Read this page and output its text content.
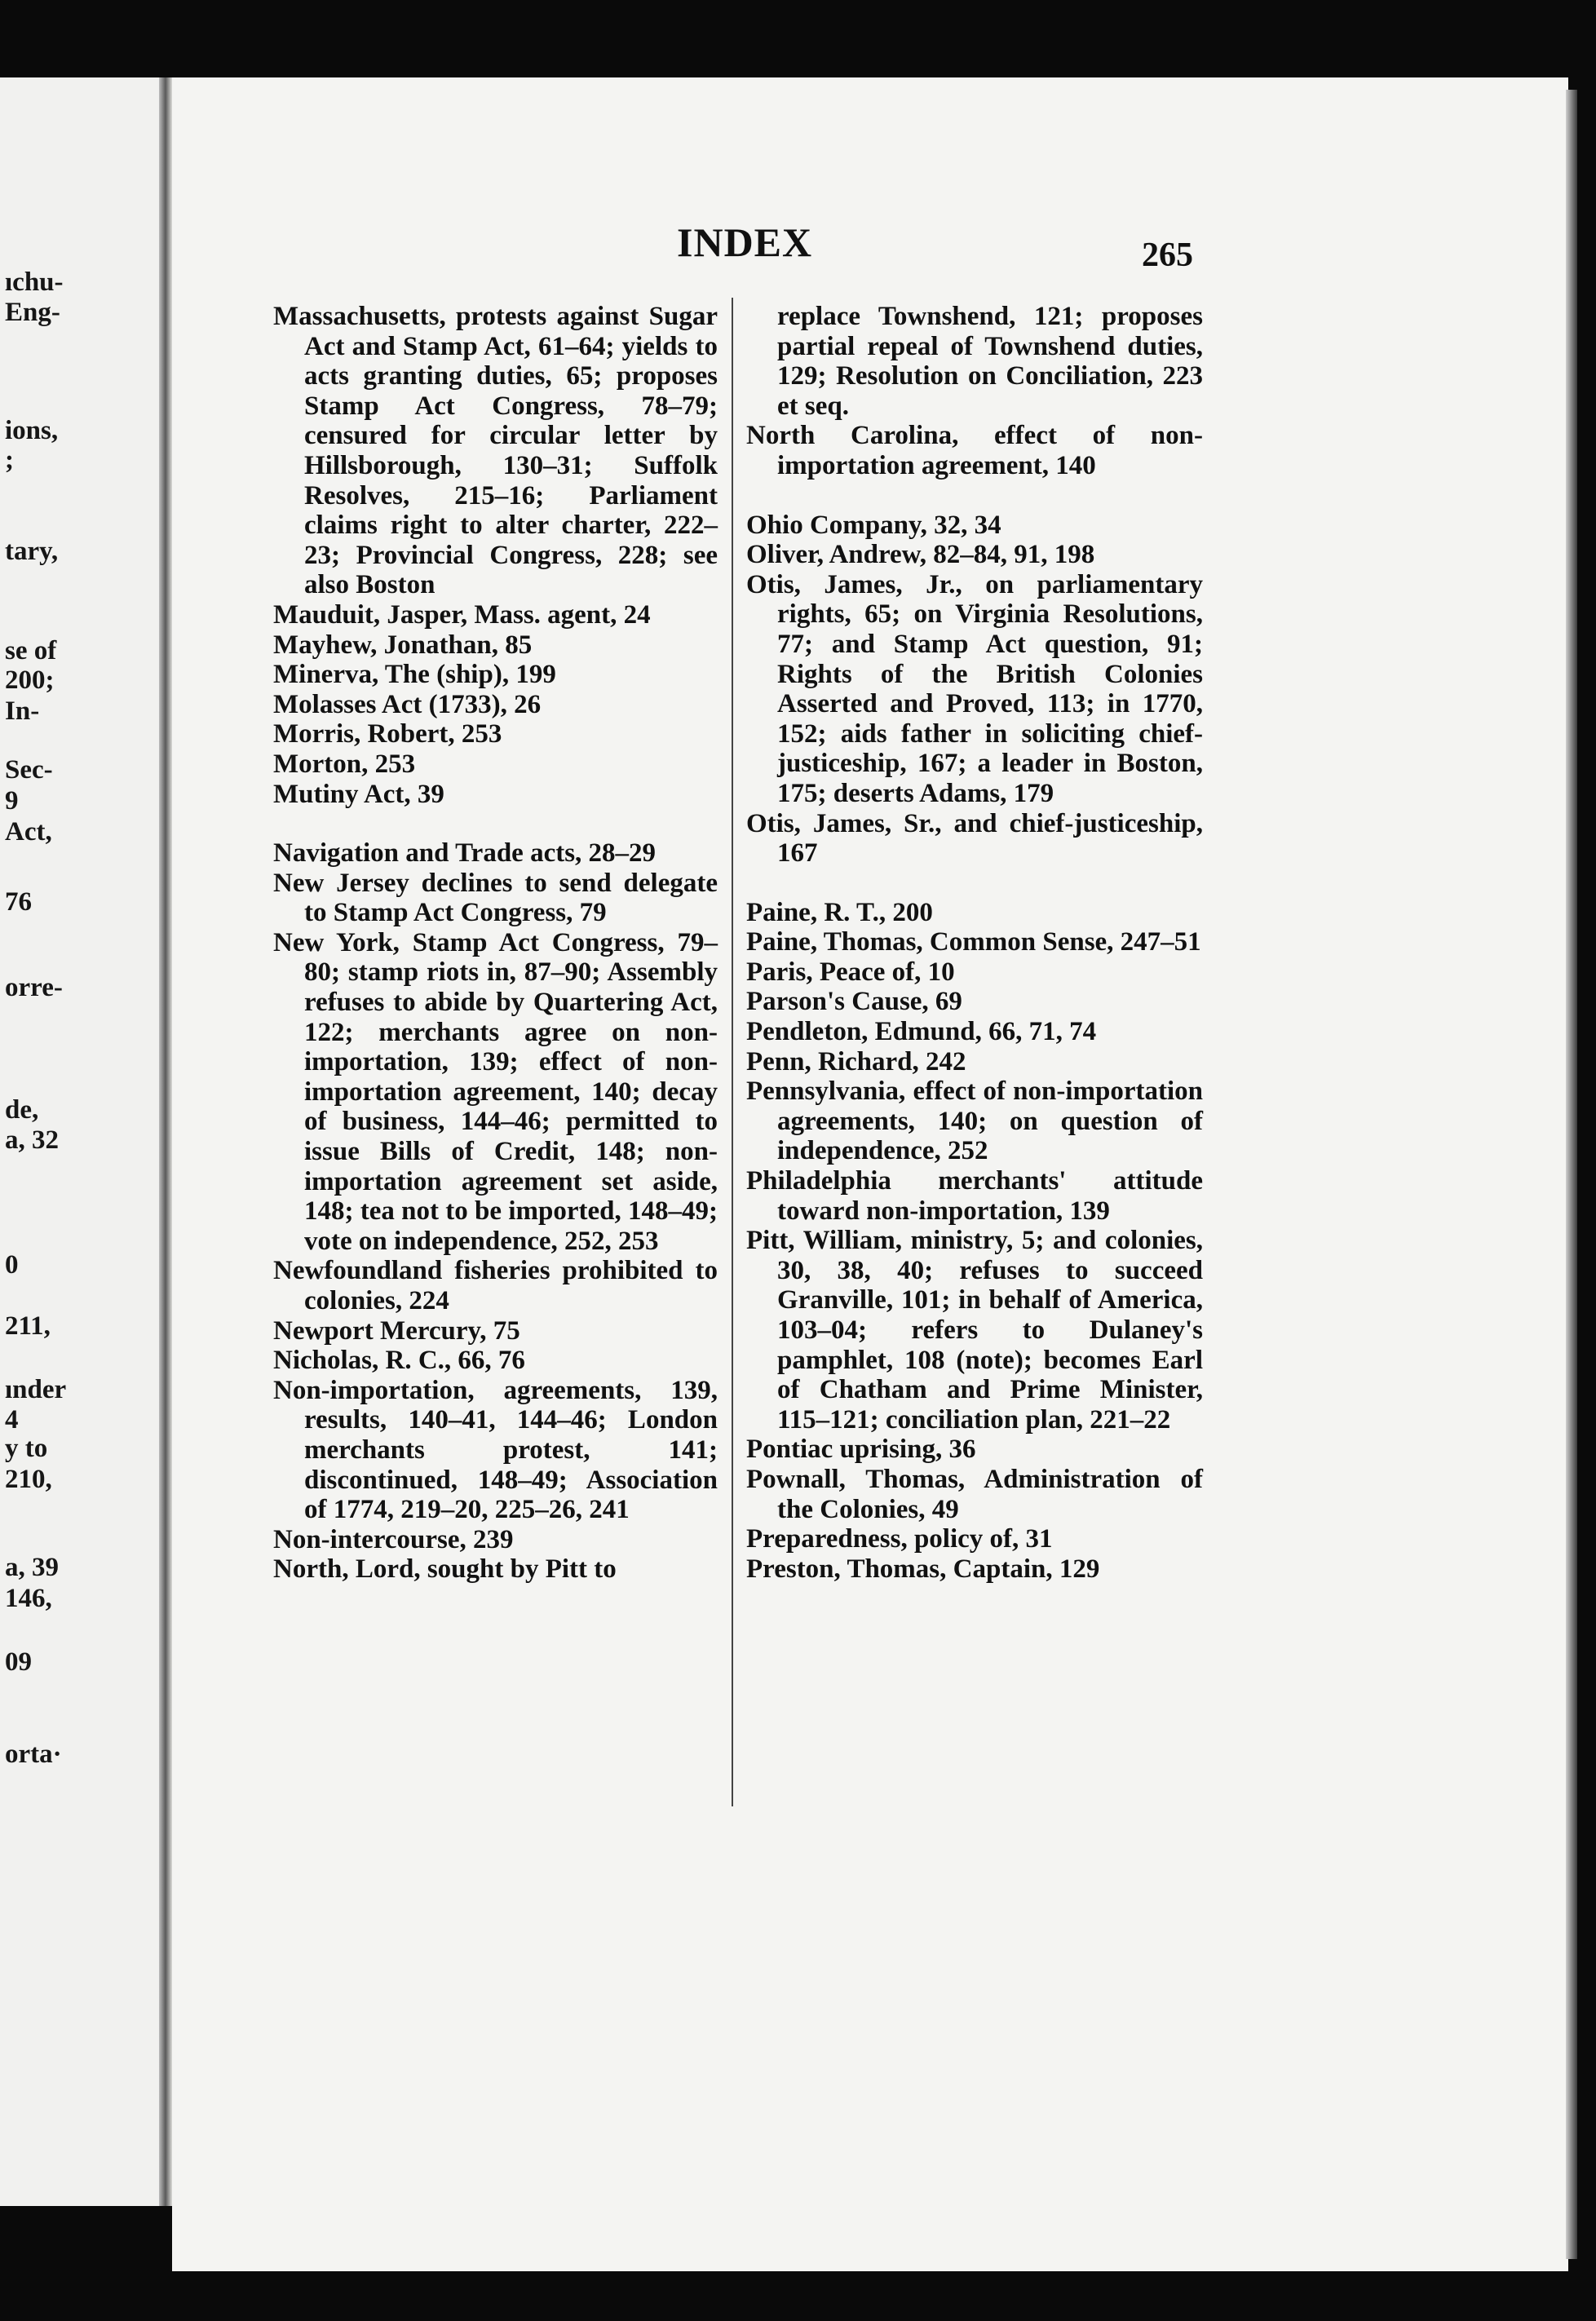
ıchu-
Eng-
ions,
;
tary,
se of
200;
In-
Sec-
9
Act,
76
orre-
de,
a, 32
0
211,
ınder
4
y to
210,
a, 39
146,
09
orta·
INDEX	265
Massachusetts, protests against Sugar Act and Stamp Act, 61–64; yields to acts granting duties, 65; proposes Stamp Act Congress, 78–79; censured for circular letter by Hillsborough, 130–31; Suffolk Resolves, 215–16; Parliament claims right to alter charter, 222–23; Provincial Congress, 228; see also Boston
Mauduit, Jasper, Mass. agent, 24
Mayhew, Jonathan, 85
Minerva, The (ship), 199
Molasses Act (1733), 26
Morris, Robert, 253
Morton, 253
Mutiny Act, 39
Navigation and Trade acts, 28–29
New Jersey declines to send delegate to Stamp Act Congress, 79
New York, Stamp Act Congress, 79–80; stamp riots in, 87–90; Assembly refuses to abide by Quartering Act, 122; merchants agree on non-importation, 139; effect of non-importation agreement, 140; decay of business, 144–46; permitted to issue Bills of Credit, 148; non-importation agreement set aside, 148; tea not to be imported, 148–49; vote on independence, 252, 253
Newfoundland fisheries prohibited to colonies, 224
Newport Mercury, 75
Nicholas, R. C., 66, 76
Non-importation, agreements, 139, results, 140–41, 144–46; London merchants protest, 141; discontinued, 148–49; Association of 1774, 219–20, 225–26, 241
Non-intercourse, 239
North, Lord, sought by Pitt to
replace Townshend, 121; proposes partial repeal of Townshend duties, 129; Resolution on Conciliation, 223 et seq.
North Carolina, effect of non-importation agreement, 140
Ohio Company, 32, 34
Oliver, Andrew, 82–84, 91, 198
Otis, James, Jr., on parliamentary rights, 65; on Virginia Resolutions, 77; and Stamp Act question, 91; Rights of the British Colonies Asserted and Proved, 113; in 1770, 152; aids father in soliciting chief-justiceship, 167; a leader in Boston, 175; deserts Adams, 179
Otis, James, Sr., and chief-justiceship, 167
Paine, R. T., 200
Paine, Thomas, Common Sense, 247–51
Paris, Peace of, 10
Parson's Cause, 69
Pendleton, Edmund, 66, 71, 74
Penn, Richard, 242
Pennsylvania, effect of non-importation agreements, 140; on question of independence, 252
Philadelphia merchants' attitude toward non-importation, 139
Pitt, William, ministry, 5; and colonies, 30, 38, 40; refuses to succeed Granville, 101; in behalf of America, 103–04; refers to Dulaney's pamphlet, 108 (note); becomes Earl of Chatham and Prime Minister, 115–121; conciliation plan, 221–22
Pontiac uprising, 36
Pownall, Thomas, Administration of the Colonies, 49
Preparedness, policy of, 31
Preston, Thomas, Captain, 129
